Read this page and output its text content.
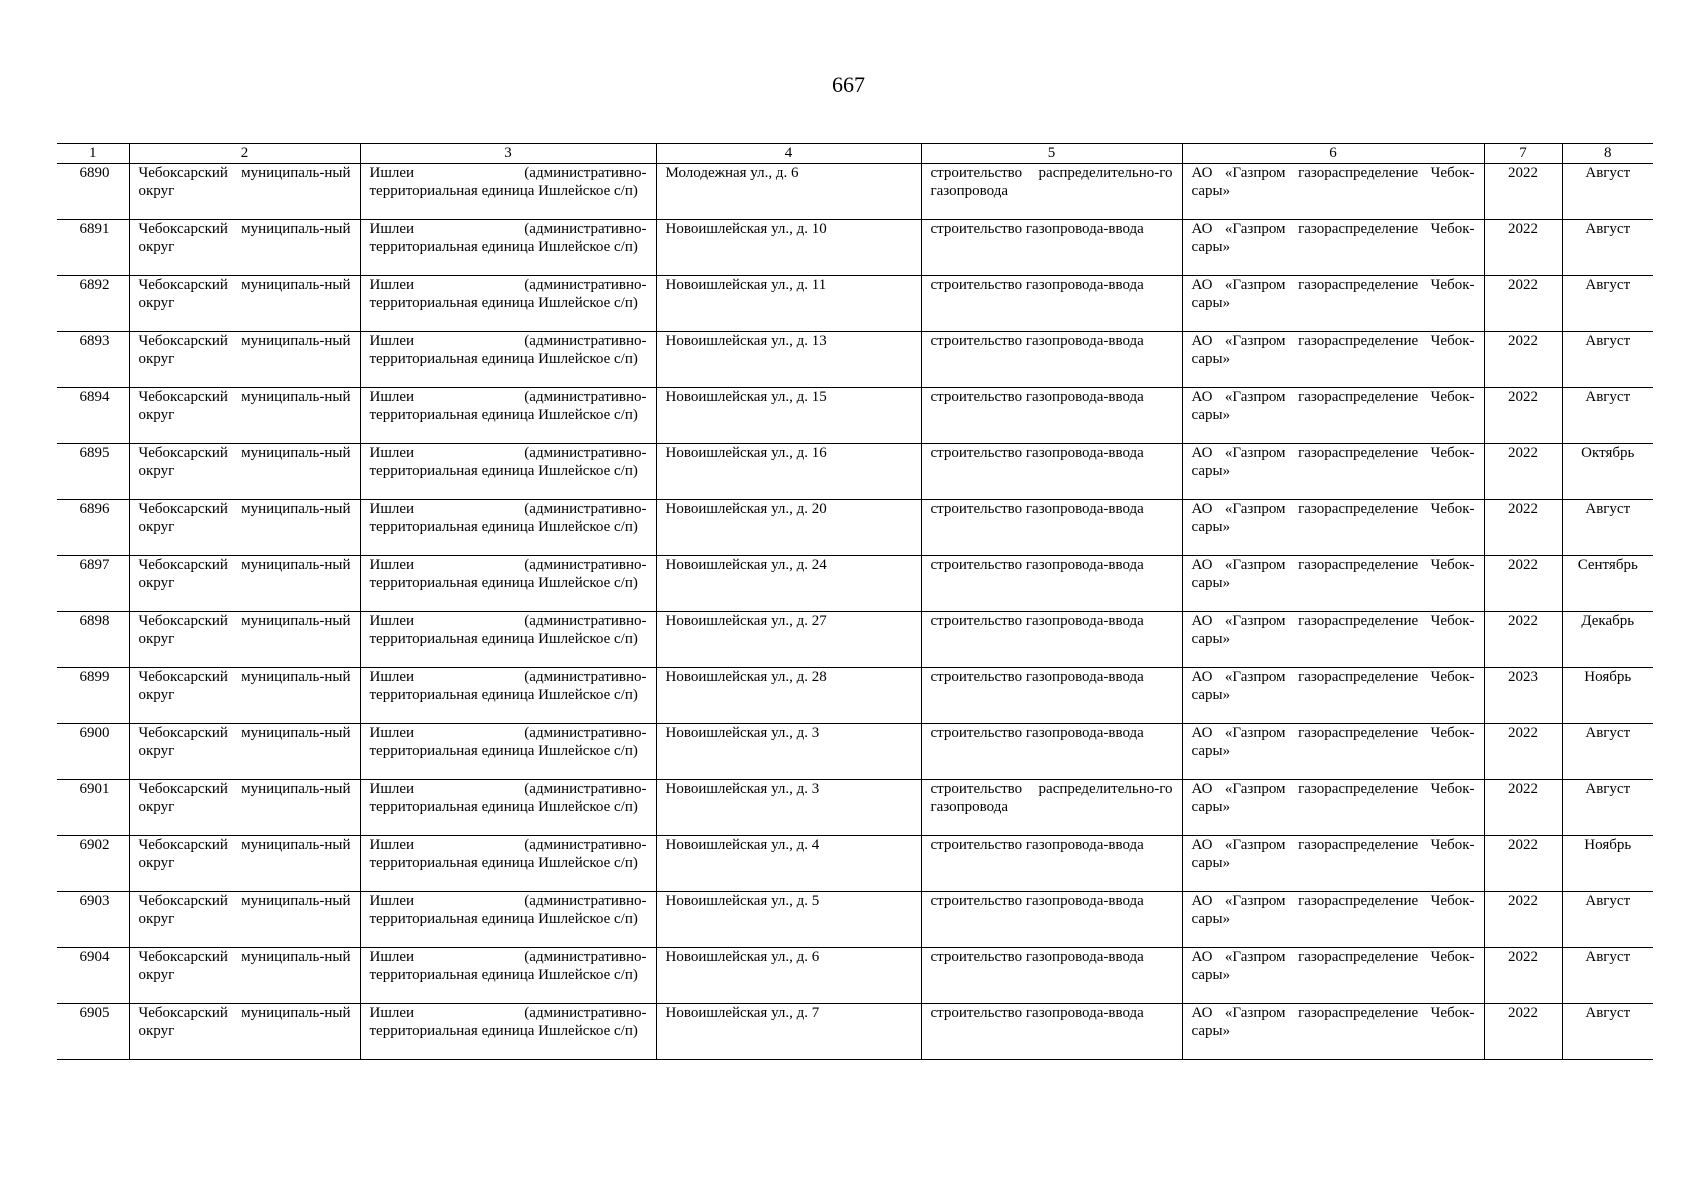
667
1	2	3	4	5	6	7	8
6890	Чебоксарский муниципаль-ный округ	Ишлеи (административно-территориальная единица Ишлейское с/п)	Молодежная ул., д. 6	строительство распределительно-го газопровода	АО «Газпром газораспределение Чебок-сары»	2022	Август
6891	Чебоксарский муниципаль-ный округ	Ишлеи (административно-территориальная единица Ишлейское с/п)	Новоишлейская ул., д. 10	строительство газопровода-ввода	АО «Газпром газораспределение Чебок-сары»	2022	Август
6892	Чебоксарский муниципаль-ный округ	Ишлеи (административно-территориальная единица Ишлейское с/п)	Новоишлейская ул., д. 11	строительство газопровода-ввода	АО «Газпром газораспределение Чебок-сары»	2022	Август
6893	Чебоксарский муниципаль-ный округ	Ишлеи (административно-территориальная единица Ишлейское с/п)	Новоишлейская ул., д. 13	строительство газопровода-ввода	АО «Газпром газораспределение Чебок-сары»	2022	Август
6894	Чебоксарский муниципаль-ный округ	Ишлеи (административно-территориальная единица Ишлейское с/п)	Новоишлейская ул., д. 15	строительство газопровода-ввода	АО «Газпром газораспределение Чебок-сары»	2022	Август
6895	Чебоксарский муниципаль-ный округ	Ишлеи (административно-территориальная единица Ишлейское с/п)	Новоишлейская ул., д. 16	строительство газопровода-ввода	АО «Газпром газораспределение Чебок-сары»	2022	Октябрь
6896	Чебоксарский муниципаль-ный округ	Ишлеи (административно-территориальная единица Ишлейское с/п)	Новоишлейская ул., д. 20	строительство газопровода-ввода	АО «Газпром газораспределение Чебок-сары»	2022	Август
6897	Чебоксарский муниципаль-ный округ	Ишлеи (административно-территориальная единица Ишлейское с/п)	Новоишлейская ул., д. 24	строительство газопровода-ввода	АО «Газпром газораспределение Чебок-сары»	2022	Сентябрь
6898	Чебоксарский муниципаль-ный округ	Ишлеи (административно-территориальная единица Ишлейское с/п)	Новоишлейская ул., д. 27	строительство газопровода-ввода	АО «Газпром газораспределение Чебок-сары»	2022	Декабрь
6899	Чебоксарский муниципаль-ный округ	Ишлеи (административно-территориальная единица Ишлейское с/п)	Новоишлейская ул., д. 28	строительство газопровода-ввода	АО «Газпром газораспределение Чебок-сары»	2023	Ноябрь
6900	Чебоксарский муниципаль-ный округ	Ишлеи (административно-территориальная единица Ишлейское с/п)	Новоишлейская ул., д. 3	строительство газопровода-ввода	АО «Газпром газораспределение Чебок-сары»	2022	Август
6901	Чебоксарский муниципаль-ный округ	Ишлеи (административно-территориальная единица Ишлейское с/п)	Новоишлейская ул., д. 3	строительство распределительно-го газопровода	АО «Газпром газораспределение Чебок-сары»	2022	Август
6902	Чебоксарский муниципаль-ный округ	Ишлеи (административно-территориальная единица Ишлейское с/п)	Новоишлейская ул., д. 4	строительство газопровода-ввода	АО «Газпром газораспределение Чебок-сары»	2022	Ноябрь
6903	Чебоксарский муниципаль-ный округ	Ишлеи (административно-территориальная единица Ишлейское с/п)	Новоишлейская ул., д. 5	строительство газопровода-ввода	АО «Газпром газораспределение Чебок-сары»	2022	Август
6904	Чебоксарский муниципаль-ный округ	Ишлеи (административно-территориальная единица Ишлейское с/п)	Новоишлейская ул., д. 6	строительство газопровода-ввода	АО «Газпром газораспределение Чебок-сары»	2022	Август
6905	Чебоксарский муниципаль-ный округ	Ишлеи (административно-территориальная единица Ишлейское с/п)	Новоишлейская ул., д. 7	строительство газопровода-ввода	АО «Газпром газораспределение Чебок-сары»	2022	Август
